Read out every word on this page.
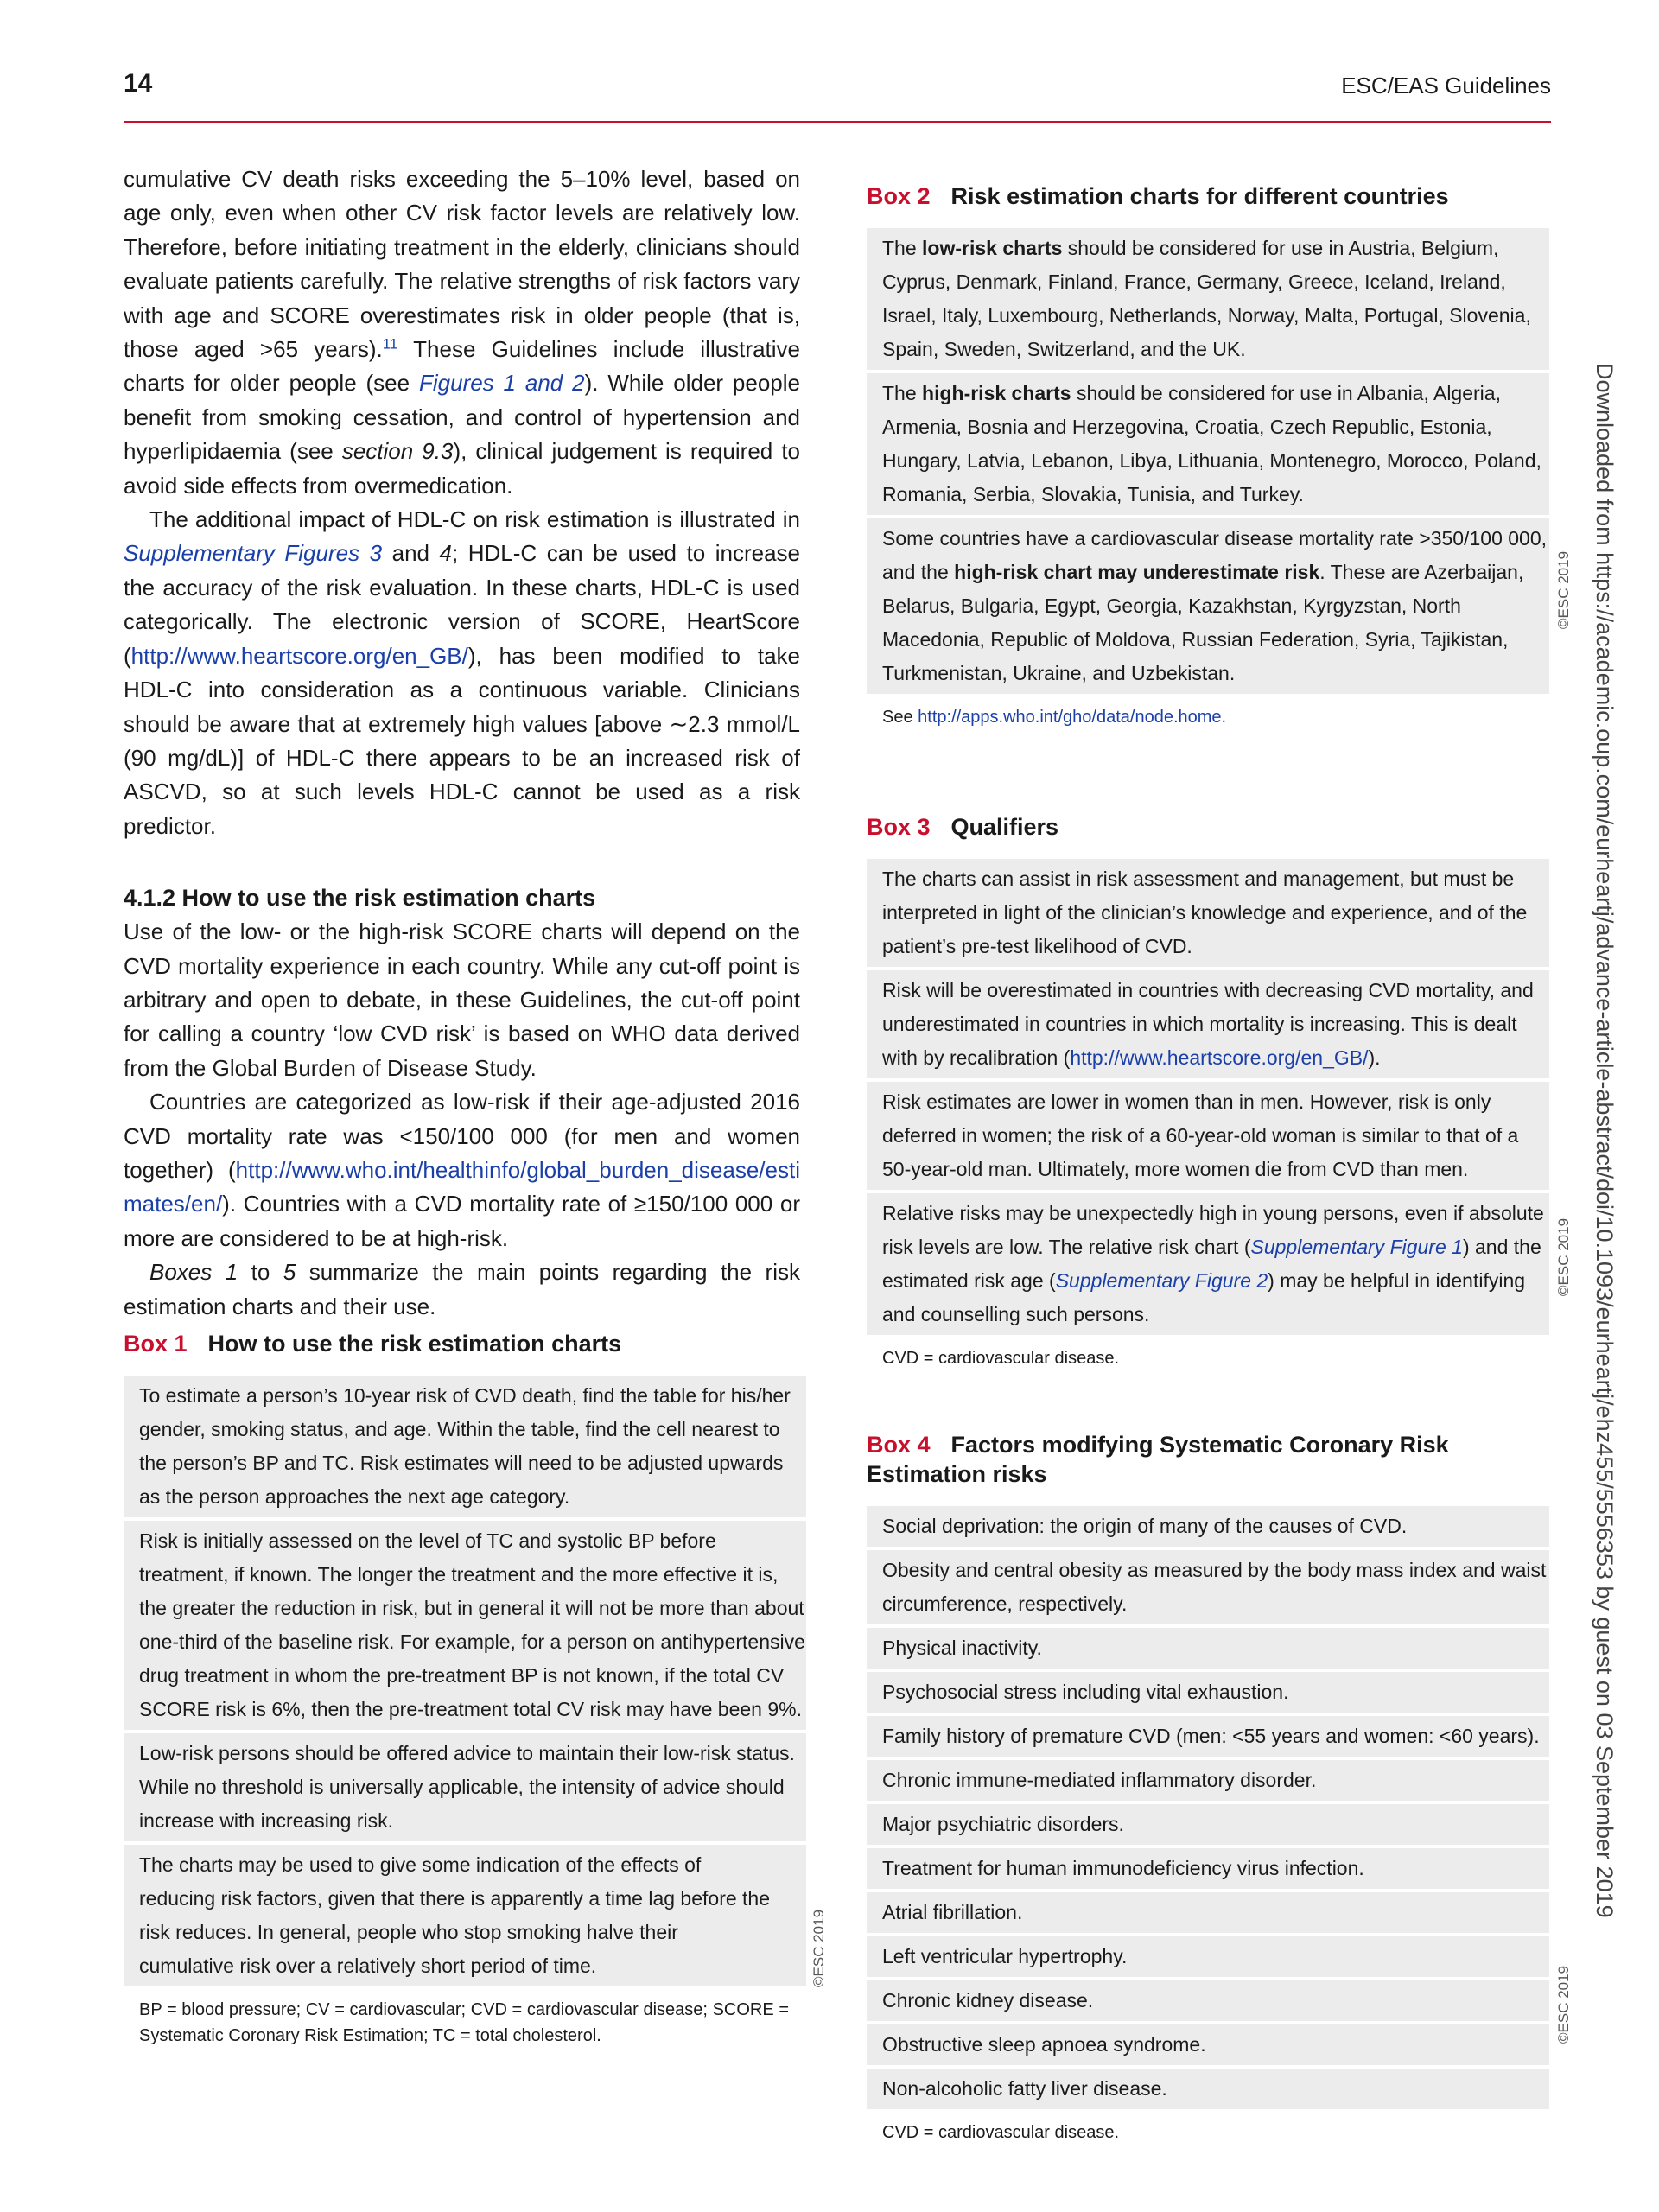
14	ESC/EAS Guidelines

cumulative CV death risks exceeding the 5–10% level, based on age only, even when other CV risk factor levels are relatively low. Therefore, before initiating treatment in the elderly, clinicians should evaluate patients carefully. The relative strengths of risk factors vary with age and SCORE overestimates risk in older people (that is, those aged >65 years).$^{11}$ These Guidelines include illustrative charts for older people (see Figures 1 and 2). While older people benefit from smoking cessation, and control of hypertension and hyperlipidaemia (see section 9.3), clinical judgement is required to avoid side effects from overmedication.

The additional impact of HDL-C on risk estimation is illustrated in Supplementary Figures 3 and 4; HDL-C can be used to increase the accuracy of the risk evaluation. In these charts, HDL-C is used categorically. The electronic version of SCORE, HeartScore (http://www.heartscore.org/en_GB/), has been modified to take HDL-C into consideration as a continuous variable. Clinicians should be aware that at extremely high values [above ∼2.3 mmol/L (90 mg/dL)] of HDL-C there appears to be an increased risk of ASCVD, so at such levels HDL-C cannot be used as a risk predictor.

4.1.2 How to use the risk estimation charts

Use of the low- or the high-risk SCORE charts will depend on the CVD mortality experience in each country. While any cut-off point is arbitrary and open to debate, in these Guidelines, the cut-off point for calling a country ‘low CVD risk’ is based on WHO data derived from the Global Burden of Disease Study.

Countries are categorized as low-risk if their age-adjusted 2016 CVD mortality rate was <150/100 000 (for men and women together) (http://www.who.int/healthinfo/global_burden_disease/estimates/en/). Countries with a CVD mortality rate of ≥150/100 000 or more are considered to be at high-risk.

Boxes 1 to 5 summarize the main points regarding the risk estimation charts and their use.

Box 1 How to use the risk estimation charts
To estimate a person’s 10-year risk of CVD death, find the table for his/her gender, smoking status, and age. Within the table, find the cell nearest to the person’s BP and TC. Risk estimates will need to be adjusted upwards as the person approaches the next age category.
Risk is initially assessed on the level of TC and systolic BP before treatment, if known. The longer the treatment and the more effective it is, the greater the reduction in risk, but in general it will not be more than about one-third of the baseline risk. For example, for a person on antihypertensive drug treatment in whom the pre-treatment BP is not known, if the total CV SCORE risk is 6%, then the pre-treatment total CV risk may have been 9%.
Low-risk persons should be offered advice to maintain their low-risk status. While no threshold is universally applicable, the intensity of advice should increase with increasing risk.
The charts may be used to give some indication of the effects of reducing risk factors, given that there is apparently a time lag before the risk reduces. In general, people who stop smoking halve their cumulative risk over a relatively short period of time.
BP = blood pressure; CV = cardiovascular; CVD = cardiovascular disease; SCORE = Systematic Coronary Risk Estimation; TC = total cholesterol.
©ESC 2019
Box 2 Risk estimation charts for different countries
The low-risk charts should be considered for use in Austria, Belgium, Cyprus, Denmark, Finland, France, Germany, Greece, Iceland, Ireland, Israel, Italy, Luxembourg, Netherlands, Norway, Malta, Portugal, Slovenia, Spain, Sweden, Switzerland, and the UK.
The high-risk charts should be considered for use in Albania, Algeria, Armenia, Bosnia and Herzegovina, Croatia, Czech Republic, Estonia, Hungary, Latvia, Lebanon, Libya, Lithuania, Montenegro, Morocco, Poland, Romania, Serbia, Slovakia, Tunisia, and Turkey.
Some countries have a cardiovascular disease mortality rate >350/100 000, and the high-risk chart may underestimate risk. These are Azerbaijan, Belarus, Bulgaria, Egypt, Georgia, Kazakhstan, Kyrgyzstan, North Macedonia, Republic of Moldova, Russian Federation, Syria, Tajikistan, Turkmenistan, Ukraine, and Uzbekistan.
See http://apps.who.int/gho/data/node.home.
©ESC 2019
Box 3 Qualifiers
The charts can assist in risk assessment and management, but must be interpreted in light of the clinician’s knowledge and experience, and of the patient’s pre-test likelihood of CVD.
Risk will be overestimated in countries with decreasing CVD mortality, and underestimated in countries in which mortality is increasing. This is dealt with by recalibration (http://www.heartscore.org/en_GB/).
Risk estimates are lower in women than in men. However, risk is only deferred in women; the risk of a 60-year-old woman is similar to that of a 50-year-old man. Ultimately, more women die from CVD than men.
Relative risks may be unexpectedly high in young persons, even if absolute risk levels are low. The relative risk chart (Supplementary Figure 1) and the estimated risk age (Supplementary Figure 2) may be helpful in identifying and counselling such persons.
CVD = cardiovascular disease.
©ESC 2019
Box 4 Factors modifying Systematic Coronary Risk Estimation risks
Social deprivation: the origin of many of the causes of CVD.
Obesity and central obesity as measured by the body mass index and waist circumference, respectively.
Physical inactivity.
Psychosocial stress including vital exhaustion.
Family history of premature CVD (men: <55 years and women: <60 years).
Chronic immune-mediated inflammatory disorder.
Major psychiatric disorders.
Treatment for human immunodeficiency virus infection.
Atrial fibrillation.
Left ventricular hypertrophy.
Chronic kidney disease.
Obstructive sleep apnoea syndrome.
Non-alcoholic fatty liver disease.
CVD = cardiovascular disease.
©ESC 2019
Downloaded from https://academic.oup.com/eurheartj/advance-article-abstract/doi/10.1093/eurheartj/ehz455/5556353 by guest on 03 September 2019
